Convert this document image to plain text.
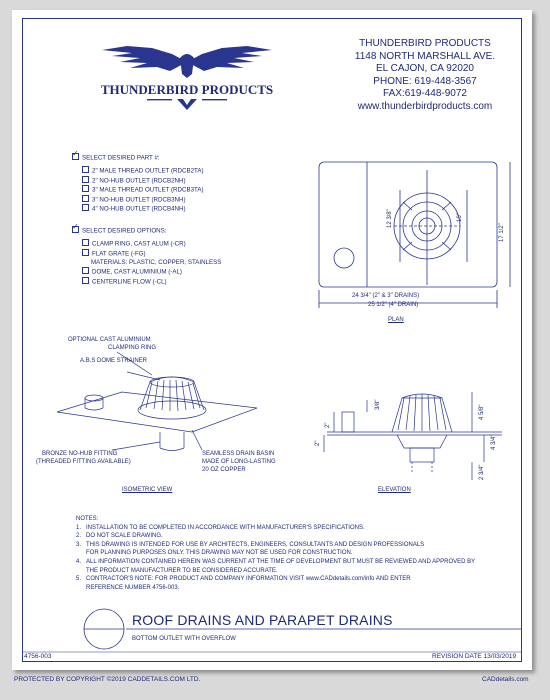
THUNDERBIRD PRODUCTS
THUNDERBIRD PRODUCTS
1148 NORTH MARSHALL AVE.
EL CAJON, CA 92020
PHONE: 619-448-3567
FAX:619-448-9072
www.thunderbirdproducts.com
✓SELECT DESIRED PART #:
2" MALE THREAD OUTLET (RDCB2TA)
2" NO-HUB OUTLET (RDCB2NH)
3" MALE THREAD OUTLET (RDCB3TA)
3" NO-HUB OUTLET (RDCB3NH)
4" NO-HUB OUTLET (RDCB4NH)
✓SELECT DESIRED OPTIONS:
CLAMP RING, CAST ALUM (-CR)
FLAT GRATE (-FG)
MATERIALS: PLASTIC, COPPER, STAINLESS
DOME, CAST ALUMINIUM (-AL)
CENTERLINE FLOW (-CL)
12 3/8"	10"
17 1/2"
24 3/4" (2" & 3" DRAINS)
25 1/2" (4" DRAIN)
PLAN
OPTIONAL CAST ALUMINIUM
CLAMPING RING
A.B.S DOME STRAINER
BRONZE NO-HUB FITTING
(THREADED FITTING AVAILABLE)
SEAMLESS DRAIN BASIN
MADE OF LONG-LASTING
20 OZ COPPER
ISOMETRIC VIEW
3/8"
2"
2"
4 5/8"
4 3/4"
2 3/4"
ELEVATION
NOTES:
1. INSTALLATION TO BE COMPLETED IN ACCORDANCE WITH MANUFACTURER'S SPECIFICATIONS.
2. DO NOT SCALE DRAWING.
3. THIS DRAWING IS INTENDED FOR USE BY ARCHITECTS, ENGINEERS, CONSULTANTS AND DESIGN PROFESSIONALS
FOR PLANNING PURPOSES ONLY. THIS DRAWING MAY NOT BE USED FOR CONSTRUCTION.
4. ALL INFORMATION CONTAINED HEREIN WAS CURRENT AT THE TIME OF DEVELOPMENT BUT MUST BE REVIEWED AND APPROVED BY
THE PRODUCT MANUFACTURER TO BE CONSIDERED ACCURATE.
5. CONTRACTOR'S NOTE: FOR PRODUCT AND COMPANY INFORMATION VISIT www.CADdetails.com/info AND ENTER
REFERENCE NUMBER 4756-003.
ROOF DRAINS AND PARAPET DRAINS
BOTTOM OUTLET WITH OVERFLOW
4756-003	REVISION DATE 13/03/2019
PROTECTED BY COPYRIGHT ©2019 CADDETAILS.COM LTD.	CADdetails.com
